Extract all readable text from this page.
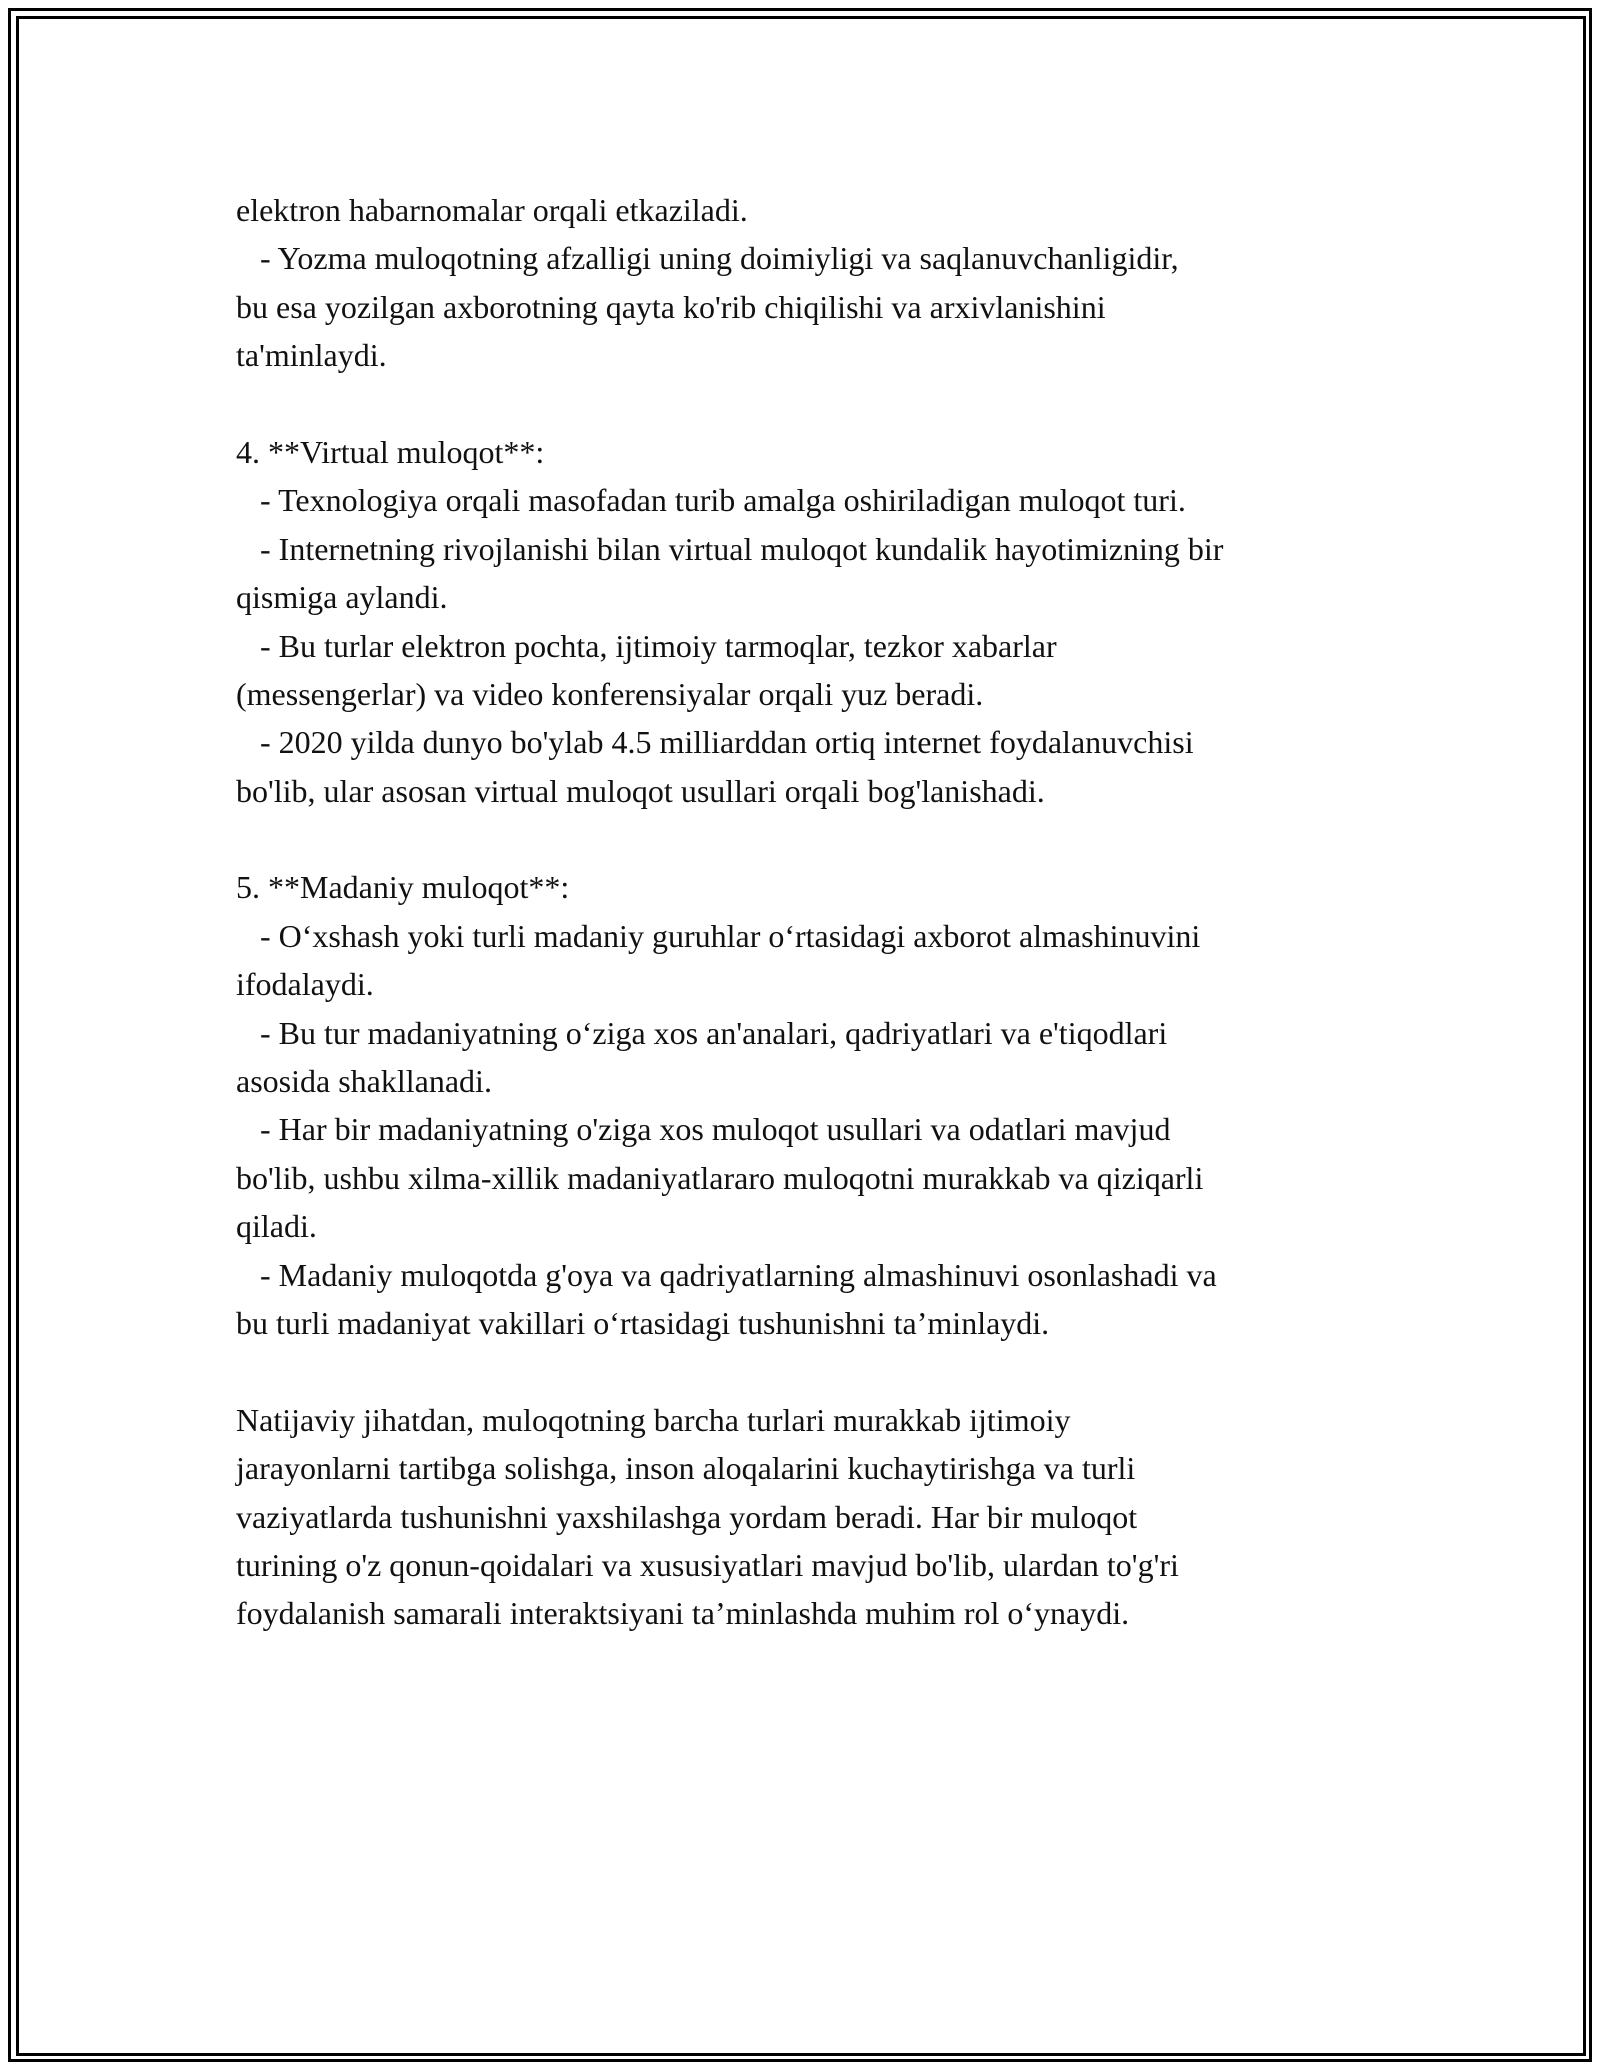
elektron habarnomalar orqali etkaziladi.
- Yozma muloqotning afzalligi uning doimiyligi va saqlanuvchanligidir,
bu esa yozilgan axborotning qayta ko'rib chiqilishi va arxivlanishini
ta'minlaydi.
4. **Virtual muloqot**:
- Texnologiya orqali masofadan turib amalga oshiriladigan muloqot turi.
- Internetning rivojlanishi bilan virtual muloqot kundalik hayotimizning bir
qismiga aylandi.
- Bu turlar elektron pochta, ijtimoiy tarmoqlar, tezkor xabarlar
(messengerlar) va video konferensiyalar orqali yuz beradi.
- 2020 yilda dunyo bo'ylab 4.5 milliarddan ortiq internet foydalanuvchisi
bo'lib, ular asosan virtual muloqot usullari orqali bog'lanishadi.
5. **Madaniy muloqot**:
- O‘xshash yoki turli madaniy guruhlar o‘rtasidagi axborot almashinuvini
ifodalaydi.
- Bu tur madaniyatning o‘ziga xos an'analari, qadriyatlari va e'tiqodlari
asosida shakllanadi.
- Har bir madaniyatning o'ziga xos muloqot usullari va odatlari mavjud
bo'lib, ushbu xilma-xillik madaniyatlararo muloqotni murakkab va qiziqarli
qiladi.
- Madaniy muloqotda g'oya va qadriyatlarning almashinuvi osonlashadi va
bu turli madaniyat vakillari o‘rtasidagi tushunishni ta’minlaydi.
Natijaviy jihatdan, muloqotning barcha turlari murakkab ijtimoiy
jarayonlarni tartibga solishga, inson aloqalarini kuchaytirishga va turli
vaziyatlarda tushunishni yaxshilashga yordam beradi. Har bir muloqot
turining o'z qonun-qoidalari va xususiyatlari mavjud bo'lib, ulardan to'g'ri
foydalanish samarali interaktsiyani ta’minlashda muhim rol o‘ynaydi.
